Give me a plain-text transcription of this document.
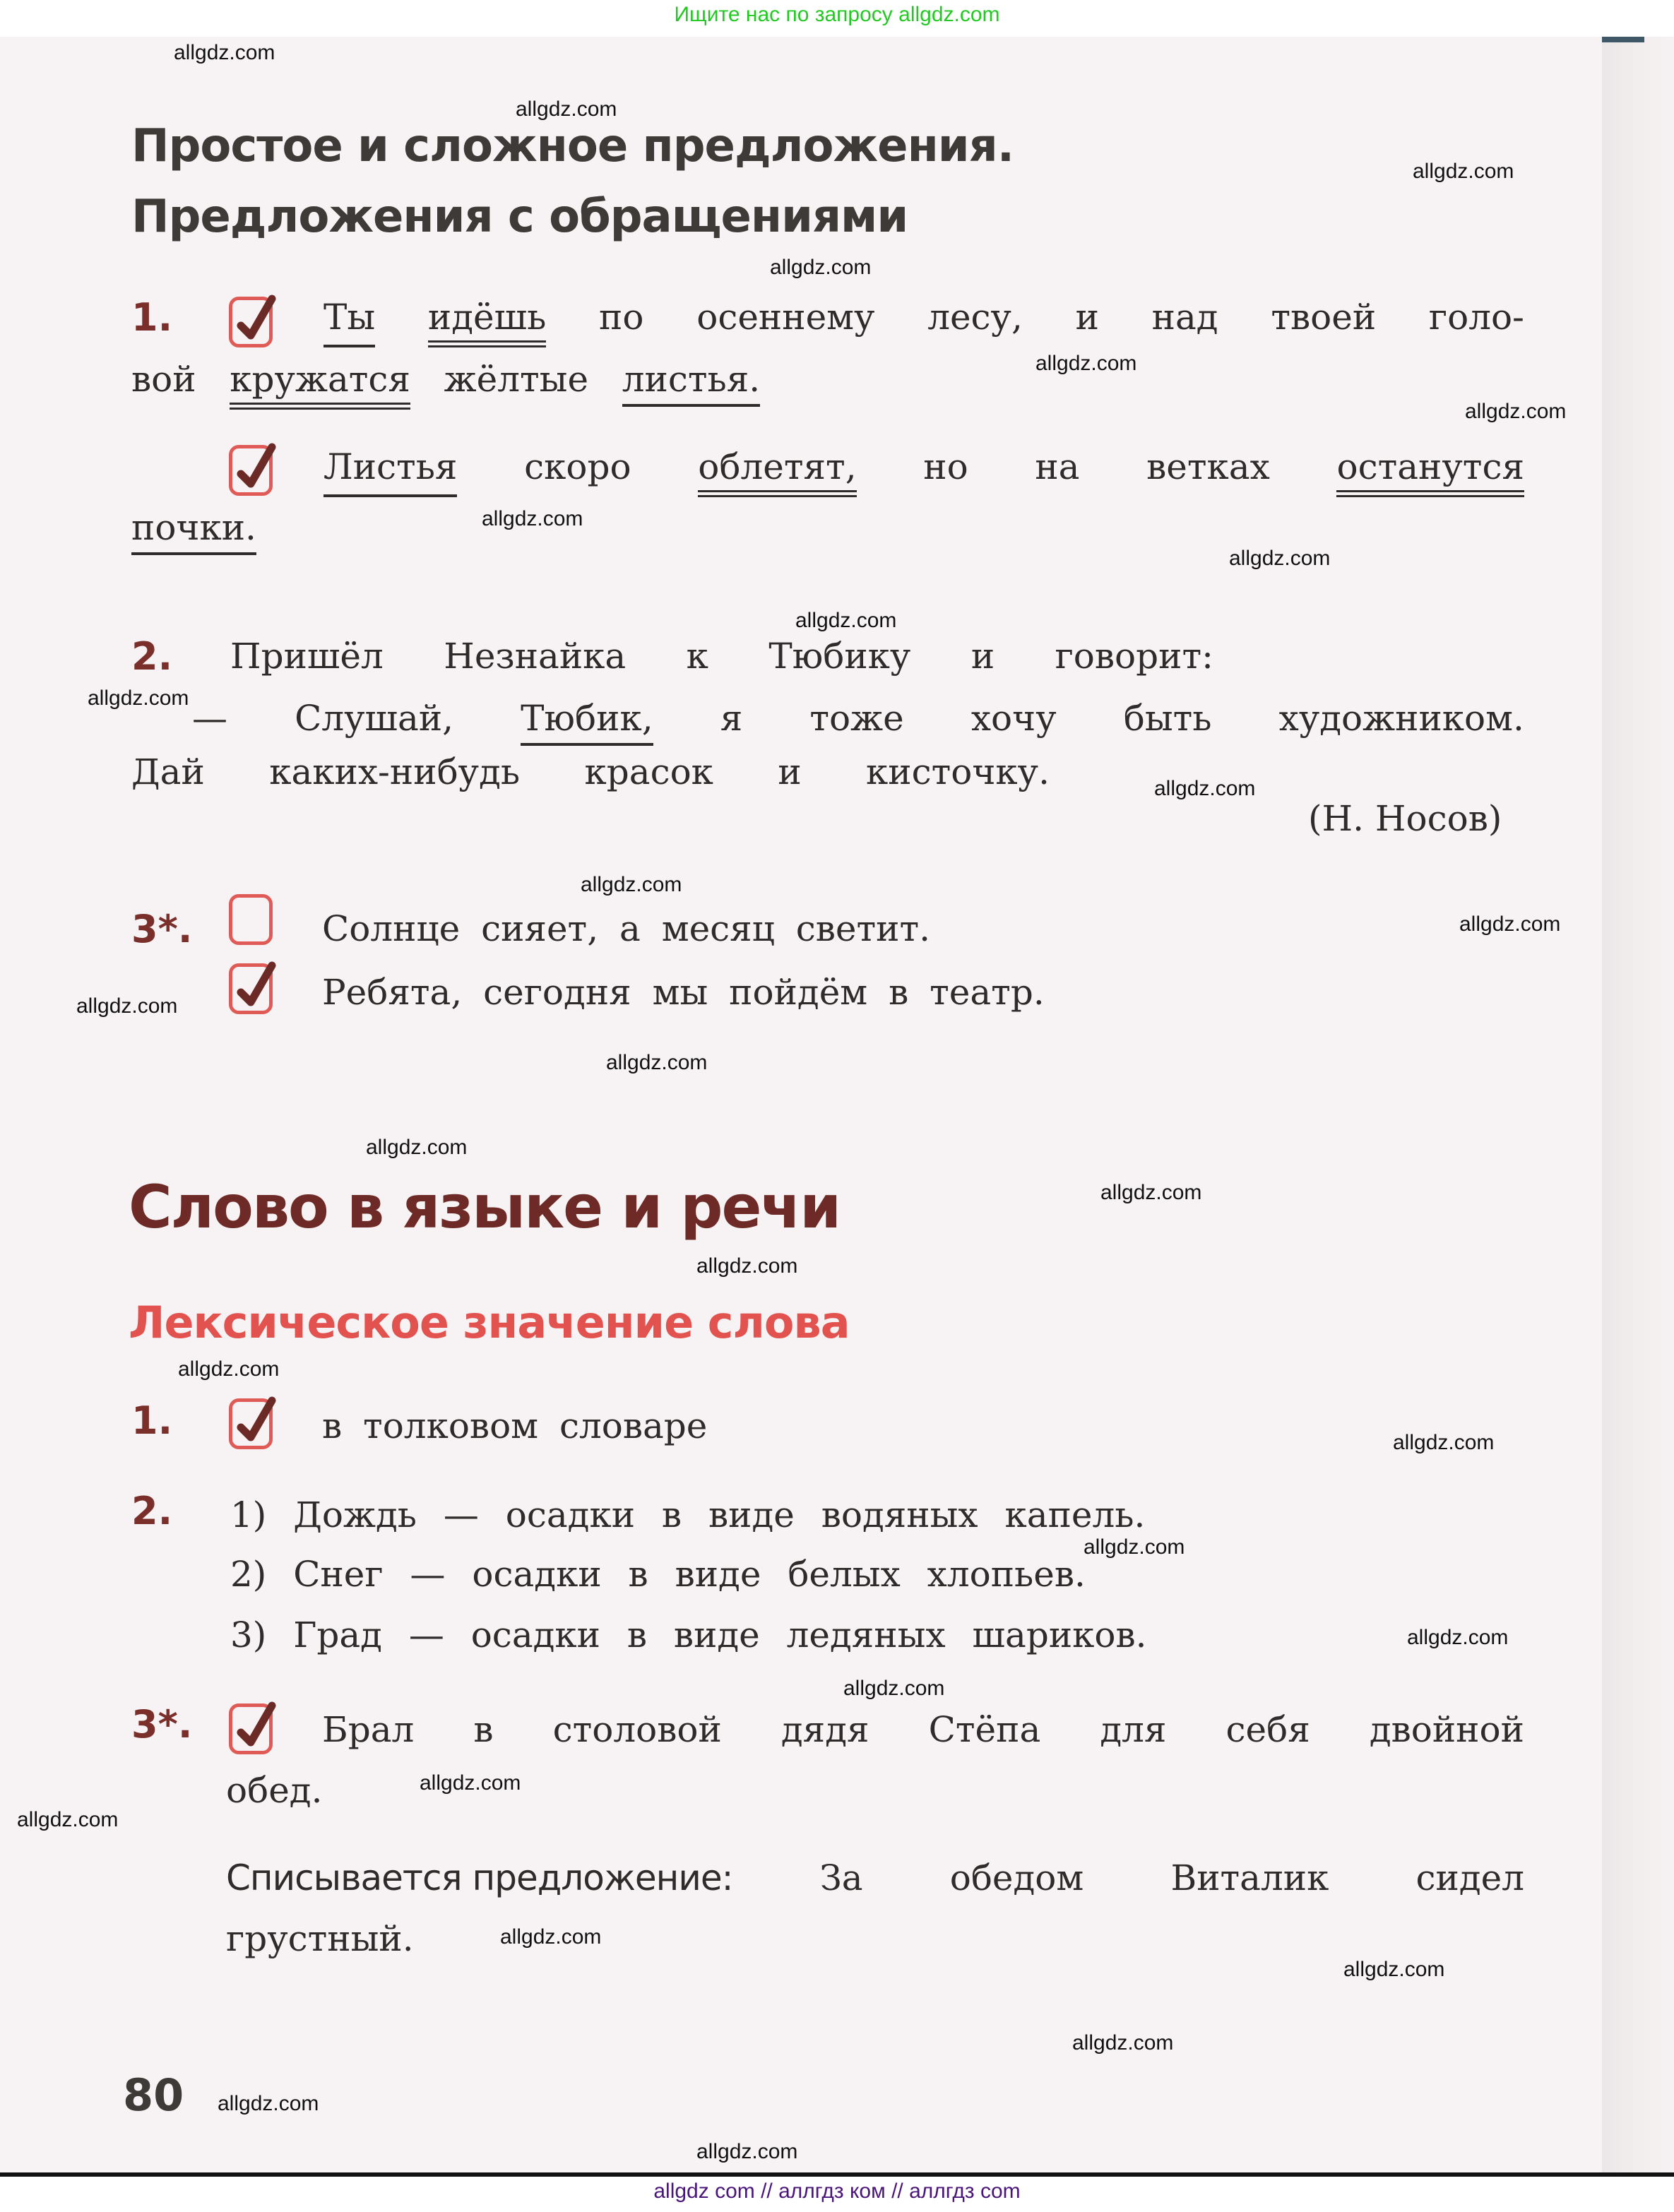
Ищите нас по запросу allgdz.com
Простое и сложное предложения.
Предложения с обращениями
1.	Ты идёшь по осеннему лесу, и над твоей голо-
вой кружатся жёлтые листья.
Листья скоро облетят, но на ветках останутся
почки.
2. Пришёл Незнайка к Тюбику и говорит:
— Слушай, Тюбик, я тоже хочу быть художником.
Дай каких-нибудь красок и кисточку.
(Н. Носов)
3*.	Солнце сияет, а месяц светит.
Ребята, сегодня мы пойдём в театр.
Слово в языке и речи
Лексическое значение слова
1.	в толковом словаре
2. 1) Дождь — осадки в виде водяных капель.
2) Снег — осадки в виде белых хлопьев.
3) Град — осадки в виде ледяных шариков.
3*.	Брал в столовой дядя Стёпа для себя двойной
обед.
Списывается предложение: За обедом Виталик сидел
грустный.
80
allgdz.com
allgdz.com
allgdz.com
allgdz.com
allgdz.com
allgdz.com
allgdz.com
allgdz.com
allgdz.com
allgdz.com
allgdz.com
allgdz.com
allgdz.com
allgdz.com
allgdz.com
allgdz.com
allgdz.com
allgdz.com
allgdz.com
allgdz.com
allgdz.com
allgdz.com
allgdz.com
allgdz.com
allgdz.com
allgdz.com
allgdz.com
allgdz.com
allgdz.com
allgdz.com
allgdz com // аллгдз ком // аллгдз com
